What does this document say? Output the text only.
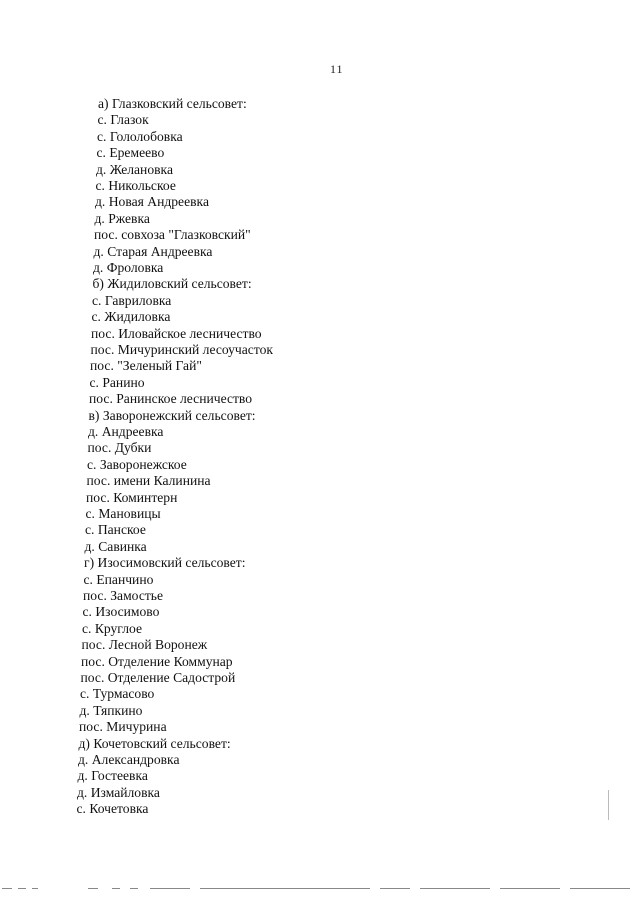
11
а) Глазковский сельсовет:
с. Глазок
с. Гололобовка
с. Еремеево
д. Желановка
с. Никольское
д. Новая Андреевка
д. Ржевка
пос. совхоза "Глазковский"
д. Старая Андреевка
д. Фроловка
б) Жидиловский сельсовет:
с. Гавриловка
с. Жидиловка
пос. Иловайское лесничество
пос. Мичуринский лесоучасток
пос. "Зеленый Гай"
с. Ранино
пос. Ранинское лесничество
в) Заворонежский сельсовет:
д. Андреевка
пос. Дубки
с. Заворонежское
пос. имени Калинина
пос. Коминтерн
с. Мановицы
с. Панское
д. Савинка
г) Изосимовский сельсовет:
с. Епанчино
пос. Замостье
с. Изосимово
с. Круглое
пос. Лесной Воронеж
пос. Отделение Коммунар
пос. Отделение Садострой
с. Турмасово
д. Тяпкино
пос. Мичурина
д) Кочетовский сельсовет:
д. Александровка
д. Гостеевка
д. Измайловка
с. Кочетовка
